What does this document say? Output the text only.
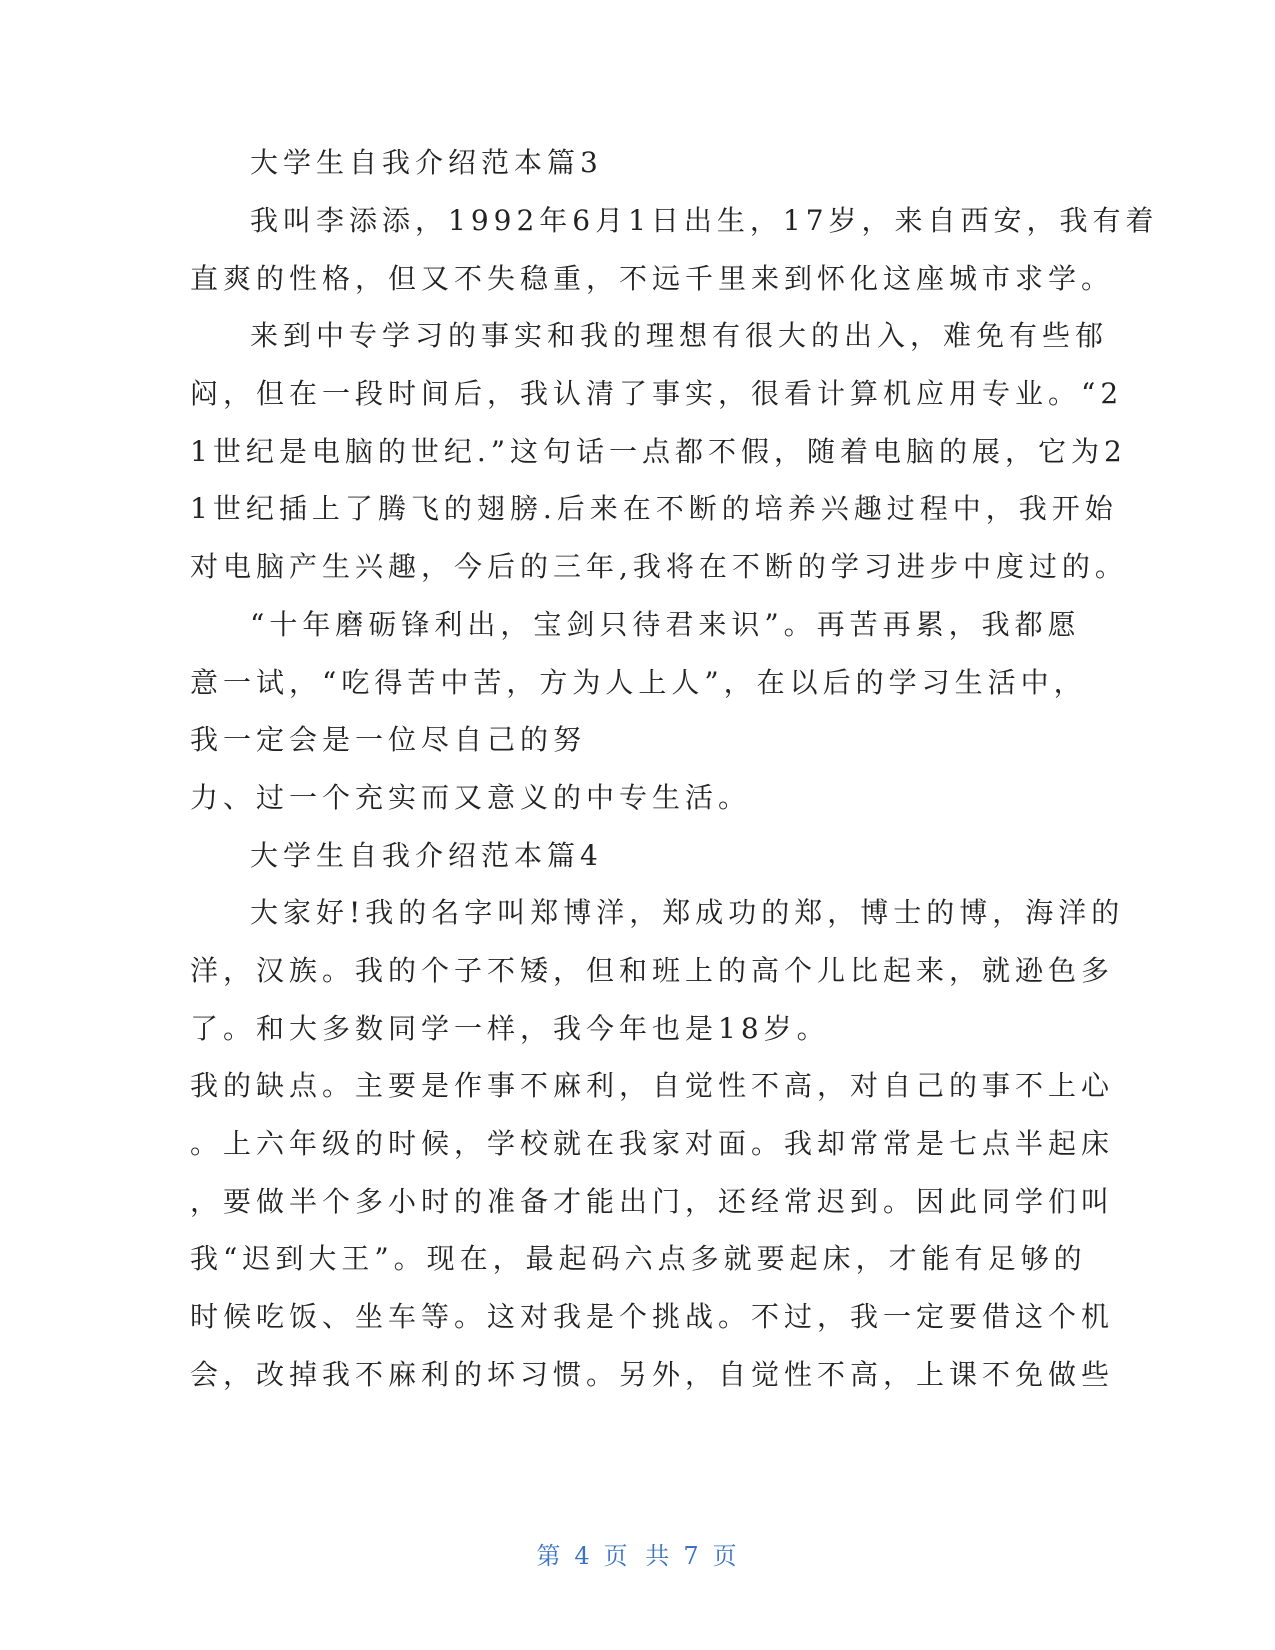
大学生自我介绍范本篇3
我叫李添添，1992年6月1日出生，17岁，来自西安，我有着
直爽的性格，但又不失稳重，不远千里来到怀化这座城市求学。
来到中专学习的事实和我的理想有很大的出入，难免有些郁
闷，但在一段时间后，我认清了事实，很看计算机应用专业。“2
1世纪是电脑的世纪.”这句话一点都不假，随着电脑的展，它为2
1世纪插上了腾飞的翅膀.后来在不断的培养兴趣过程中，我开始
对电脑产生兴趣，今后的三年,我将在不断的学习进步中度过的。
“十年磨砺锋利出，宝剑只待君来识”。再苦再累，我都愿
意一试，“吃得苦中苦，方为人上人”，在以后的学习生活中，
我一定会是一位尽自己的努
力、过一个充实而又意义的中专生活。
大学生自我介绍范本篇4
大家好!我的名字叫郑博洋，郑成功的郑，博士的博，海洋的
洋，汉族。我的个子不矮，但和班上的高个儿比起来，就逊色多
了。和大多数同学一样，我今年也是18岁。
我的缺点。主要是作事不麻利，自觉性不高，对自己的事不上心
。上六年级的时候，学校就在我家对面。我却常常是七点半起床
，要做半个多小时的准备才能出门，还经常迟到。因此同学们叫
我“迟到大王”。现在，最起码六点多就要起床，才能有足够的
时候吃饭、坐车等。这对我是个挑战。不过，我一定要借这个机
会，改掉我不麻利的坏习惯。另外，自觉性不高，上课不免做些
第 4 页 共 7 页
